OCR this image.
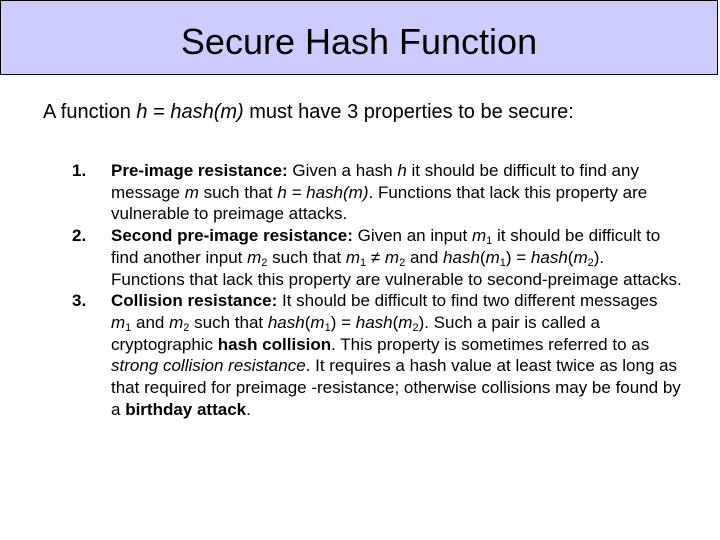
Secure Hash Function
A function h = hash(m) must have 3 properties to be secure:
1. Pre-image resistance: Given a hash h it should be difficult to find any message m such that h = hash(m). Functions that lack this property are vulnerable to preimage attacks.
2. Second pre-image resistance: Given an input $m_1$ it should be difficult to find another input $m_2$ such that $m_1 \ne m_2$ and $hash(m_1)$ = $hash(m_2)$. Functions that lack this property are vulnerable to second-preimage attacks.
3. Collision resistance: It should be difficult to find two different messages $m_1$ and $m_2$ such that $hash(m_1)$ = $hash(m_2)$. Such a pair is called a cryptographic hash collision. This property is sometimes referred to as strong collision resistance. It requires a hash value at least twice as long as that required for preimage -resistance; otherwise collisions may be found by a birthday attack.
